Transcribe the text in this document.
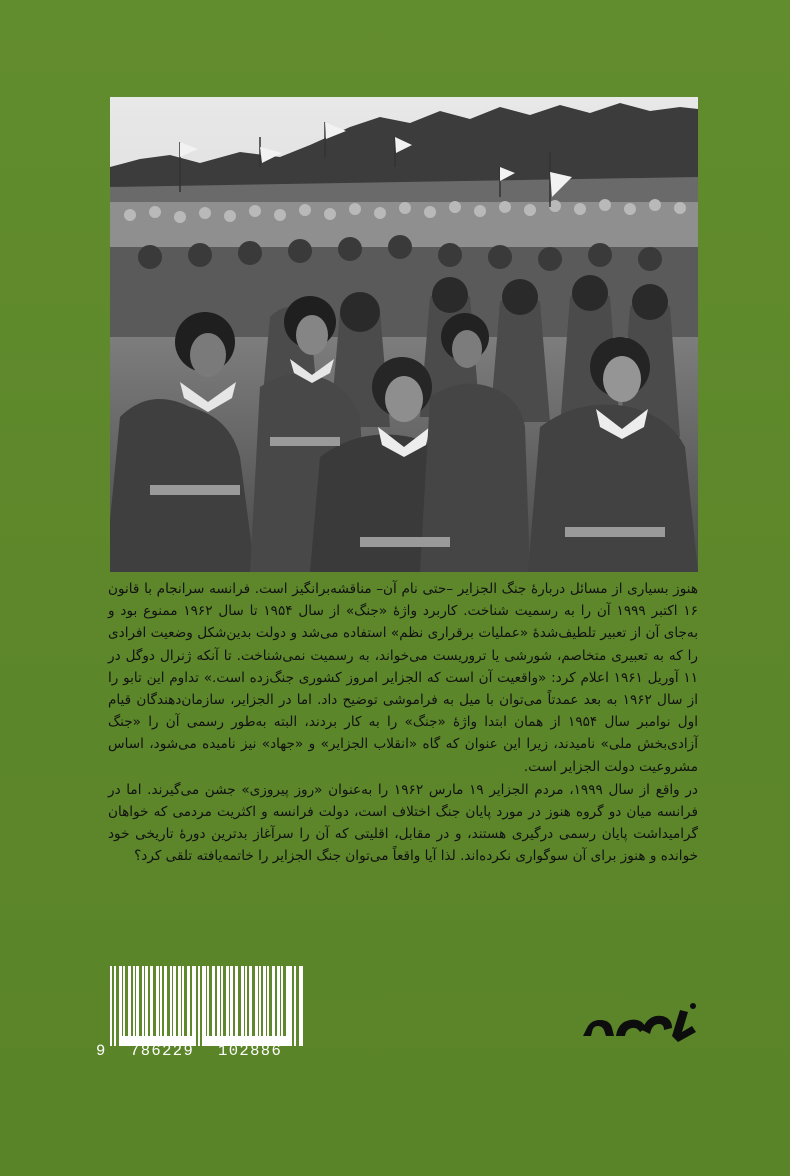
هنوز بسیاری از مسائل دربارۀ جنگ الجزایر –حتی نام آن– مناقشه‌برانگیز است. فرانسه سرانجام با قانون ۱۶ اکتبر ۱۹۹۹ آن را به رسمیت شناخت. کاربرد واژۀ «جنگ» از سال ۱۹۵۴ تا سال ۱۹۶۲ ممنوع بود و به‌جای آن از تعبیر تلطیف‌شدۀ «عملیات برقراری نظم» استفاده می‌شد و دولت بدین‌شکل وضعیت افرادی را که به تعبیری متخاصم، شورشی یا تروریست می‌خواند، به رسمیت نمی‌شناخت. تا آنکه ژنرال دوگل در ۱۱ آوریل ۱۹۶۱ اعلام کرد: «واقعیت آن است که الجزایر امروز کشوری جنگ‌زده است.» تداوم این تابو را از سال ۱۹۶۲ به بعد عمدتاً می‌توان با میل به فراموشی توضیح داد. اما در الجزایر، سازمان‌دهندگان قیام اول نوامبر سال ۱۹۵۴ از همان ابتدا واژۀ «جنگ» را به کار بردند، البته به‌طور رسمی آن را «جنگ آزادی‌بخش ملی» نامیدند، زیرا این عنوان که گاه «انقلاب الجزایر» و «جهاد» نیز نامیده می‌شود، اساس مشروعیت دولت الجزایر است.

در واقع از سال ۱۹۹۹، مردم الجزایر ۱۹ مارس ۱۹۶۲ را به‌عنوان «روز پیروزی» جشن می‌گیرند. اما در فرانسه میان دو گروه هنوز در مورد پایان جنگ اختلاف است، دولت فرانسه و اکثریت مردمی که خواهان گرامیداشت پایان رسمی درگیری هستند، و در مقابل، اقلیتی که آن را سرآغاز بدترین دورۀ تاریخی خود خوانده و هنوز برای آن سوگواری نکرده‌اند. لذا آیا واقعاً می‌توان جنگ الجزایر را خاتمه‌یافته تلقی کرد؟

9 786229 102886
